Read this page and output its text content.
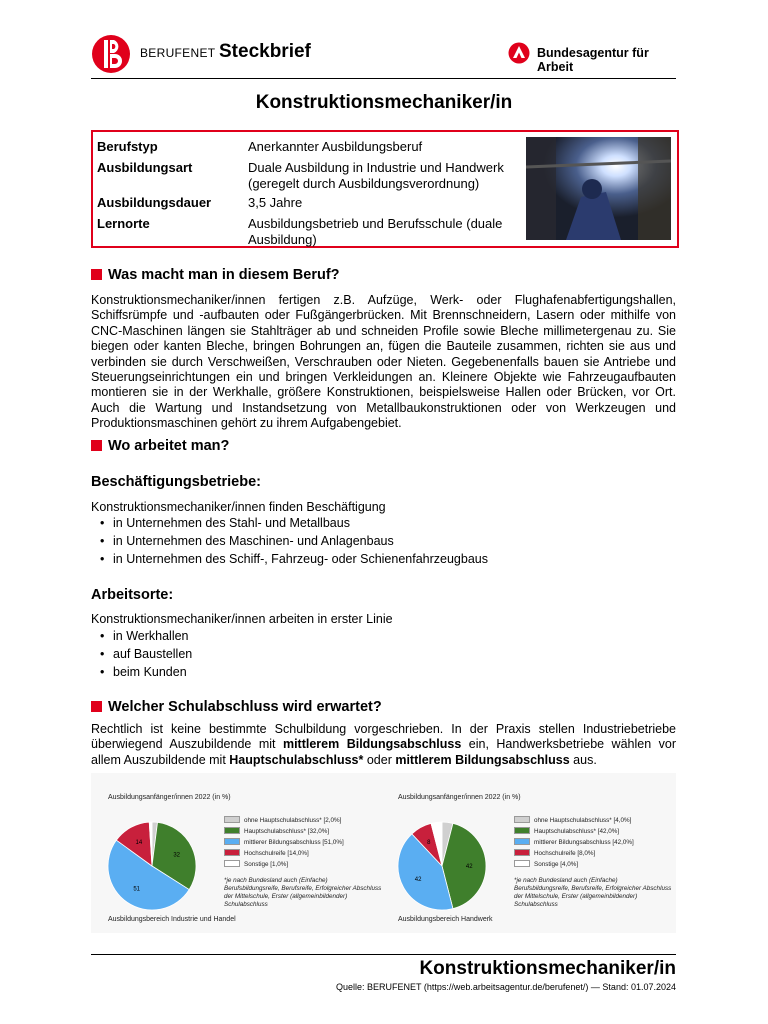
BERUFENET Steckbrief	Bundesagentur für Arbeit
Konstruktionsmechaniker/in
Berufstyp	Anerkannter Ausbildungsberuf
Ausbildungsart	Duale Ausbildung in Industrie und Handwerk (geregelt durch Ausbildungsverordnung)
Ausbildungsdauer	3,5 Jahre
Lernorte	Ausbildungsbetrieb und Berufsschule (duale Ausbildung)
Was macht man in diesem Beruf?
Konstruktionsmechaniker/innen fertigen z.B. Aufzüge, Werk- oder Flughafenabfertigungshallen, Schiffsrümpfe und -aufbauten oder Fußgängerbrücken. Mit Brennschneidern, Lasern oder mithilfe von CNC-Maschinen längen sie Stahlträger ab und schneiden Profile sowie Bleche millimetergenau zu. Sie biegen oder kanten Bleche, bringen Bohrungen an, fügen die Bauteile zusammen, richten sie aus und verbinden sie durch Verschweißen, Verschrauben oder Nieten. Gegebenenfalls bauen sie Antriebe und Steuerungseinrichtungen ein und bringen Verkleidungen an. Kleinere Objekte wie Fahrzeugaufbauten montieren sie in der Werkhalle, größere Konstruktionen, beispielsweise Hallen oder Brücken, vor Ort. Auch die Wartung und Instandsetzung von Metallbaukonstruktionen oder von Werkzeugen und Produktionsmaschinen gehört zu ihrem Aufgabengebiet.
Wo arbeitet man?
Beschäftigungsbetriebe:
Konstruktionsmechaniker/innen finden Beschäftigung
• in Unternehmen des Stahl- und Metallbaus
• in Unternehmen des Maschinen- und Anlagenbaus
• in Unternehmen des Schiff-, Fahrzeug- oder Schienenfahrzeugbaus
Arbeitsorte:
Konstruktionsmechaniker/innen arbeiten in erster Linie
• in Werkhallen
• auf Baustellen
• beim Kunden
Welcher Schulabschluss wird erwartet?
Rechtlich ist keine bestimmte Schulbildung vorgeschrieben. In der Praxis stellen Industriebetriebe überwiegend Auszubildende mit mittlerem Bildungsabschluss ein, Handwerksbetriebe wählen vor allem Auszubildende mit Hauptschulabschluss* oder mittlerem Bildungsabschluss aus.
Ausbildungsanfänger/innen 2022 (in %)
32
51
14
ohne Hauptschulabschluss* [2,0%]
Hauptschulabschluss* [32,0%]
mittlerer Bildungsabschluss [51,0%]
Hochschulreife [14,0%]
Sonstige [1,0%]
*je nach Bundesland auch (Einfache) Berufsbildungsreife, Berufsreife, Erfolgreicher Abschluss der Mittelschule, Erster (allgemeinbildender) Schulabschluss
Ausbildungsbereich Industrie und Handel
Ausbildungsanfänger/innen 2022 (in %)
42
42
8
ohne Hauptschulabschluss* [4,0%]
Hauptschulabschluss* [42,0%]
mittlerer Bildungsabschluss [42,0%]
Hochschulreife [8,0%]
Sonstige [4,0%]
*je nach Bundesland auch (Einfache) Berufsbildungsreife, Berufsreife, Erfolgreicher Abschluss der Mittelschule, Erster (allgemeinbildender) Schulabschluss
Ausbildungsbereich Handwerk
Konstruktionsmechaniker/in
Quelle: BERUFENET (https://web.arbeitsagentur.de/berufenet/) — Stand: 01.07.2024
